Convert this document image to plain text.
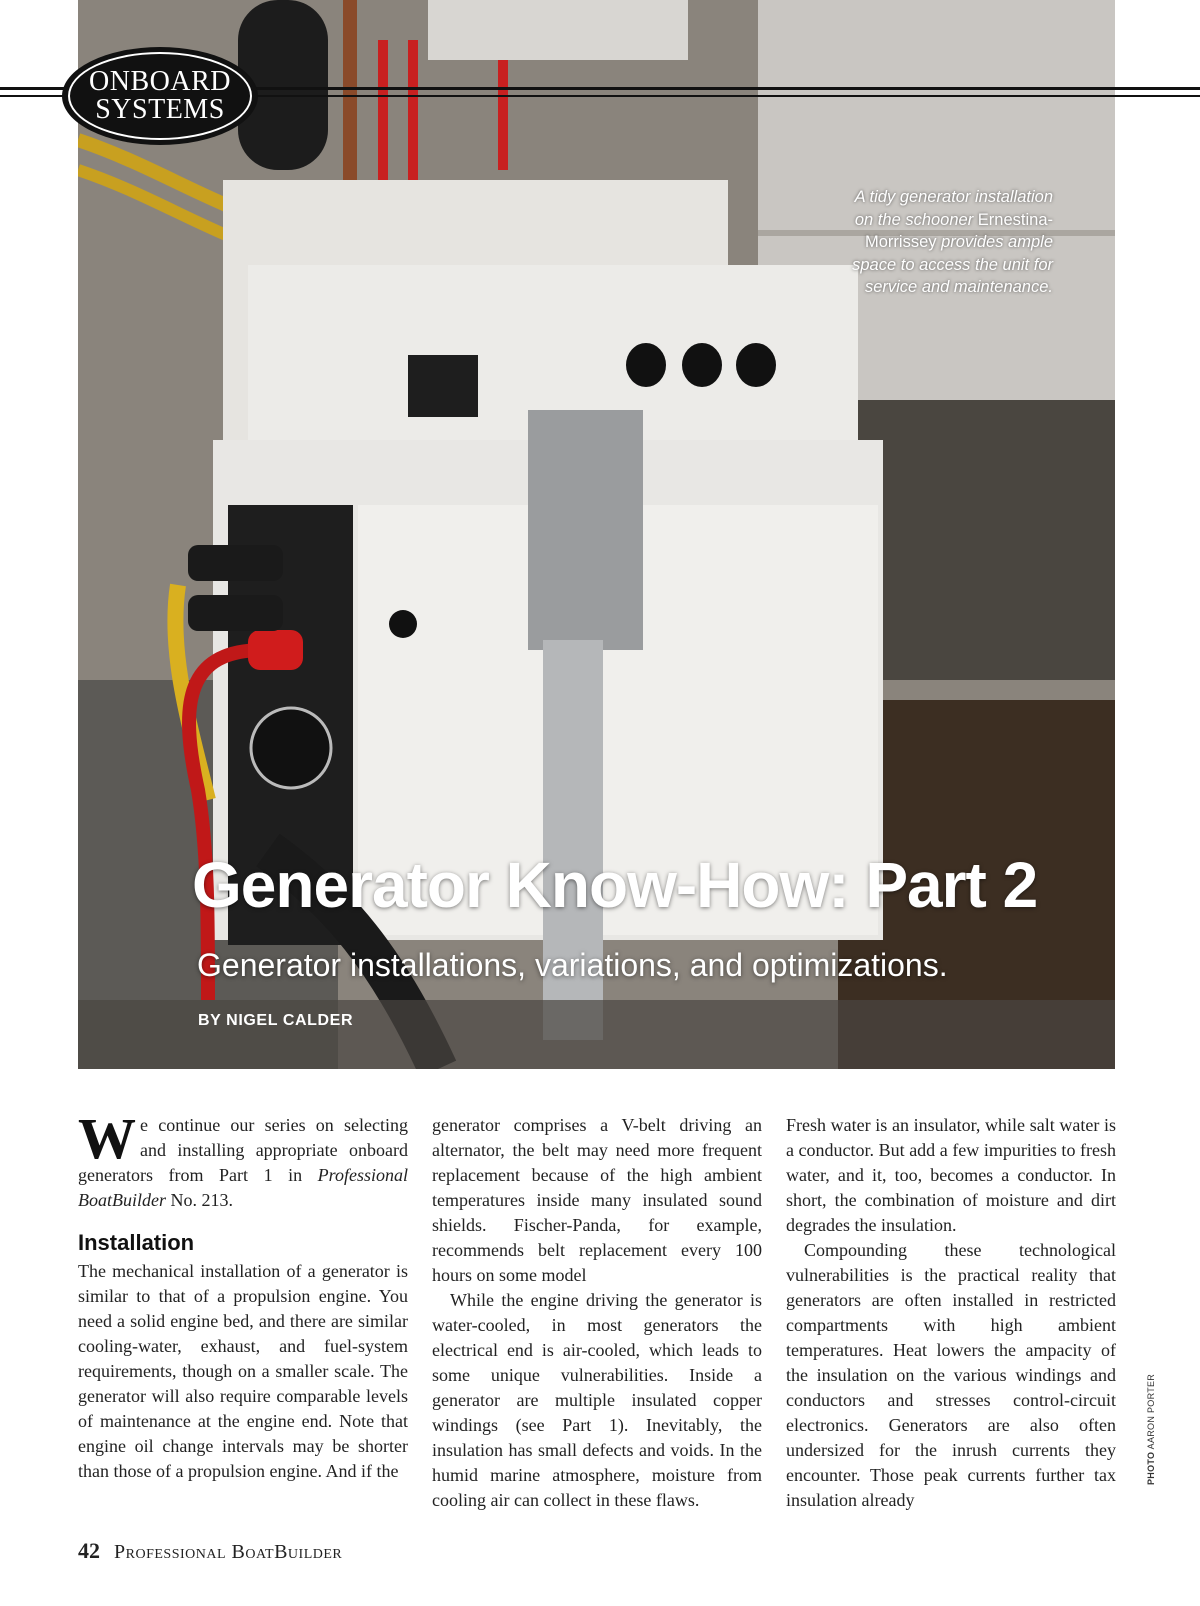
A tidy generator installation on the schooner Ernestina-Morrissey provides ample space to access the unit for service and maintenance.
Generator Know-How: Part 2
Generator installations, variations, and optimizations.
BY NIGEL CALDER
ONBOARD
SYSTEMS

We continue our series on selecting and installing appropriate onboard generators from Part 1 in Professional BoatBuilder No. 213.

Installation

The mechanical installation of a generator is similar to that of a propulsion engine. You need a solid engine bed, and there are similar cooling-water, exhaust, and fuel-system requirements, though on a smaller scale. The generator will also require comparable levels of maintenance at the engine end. Note that engine oil change intervals may be shorter than those of a propulsion engine. And if the

generator comprises a V-belt driving an alternator, the belt may need more frequent replacement because of the high ambient temperatures inside many insulated sound shields. Fischer-Panda, for example, recommends belt replacement every 100 hours on some model

While the engine driving the generator is water-cooled, in most generators the electrical end is air-cooled, which leads to some unique vulnerabilities. Inside a generator are multiple insulated copper windings (see Part 1). Inevitably, the insulation has small defects and voids. In the humid marine atmosphere, moisture from cooling air can collect in these flaws.

Fresh water is an insulator, while salt water is a conductor. But add a few impurities to fresh water, and it, too, becomes a conductor. In short, the combination of moisture and dirt degrades the insulation.

Compounding these technological vulnerabilities is the practical reality that generators are often installed in restricted compartments with high ambient temperatures. Heat lowers the ampacity of the insulation on the various windings and conductors and stresses control-circuit electronics. Generators are also often undersized for the inrush currents they encounter. Those peak currents further tax insulation already

PHOTO AARON PORTER
42 Professional BoatBuilder
